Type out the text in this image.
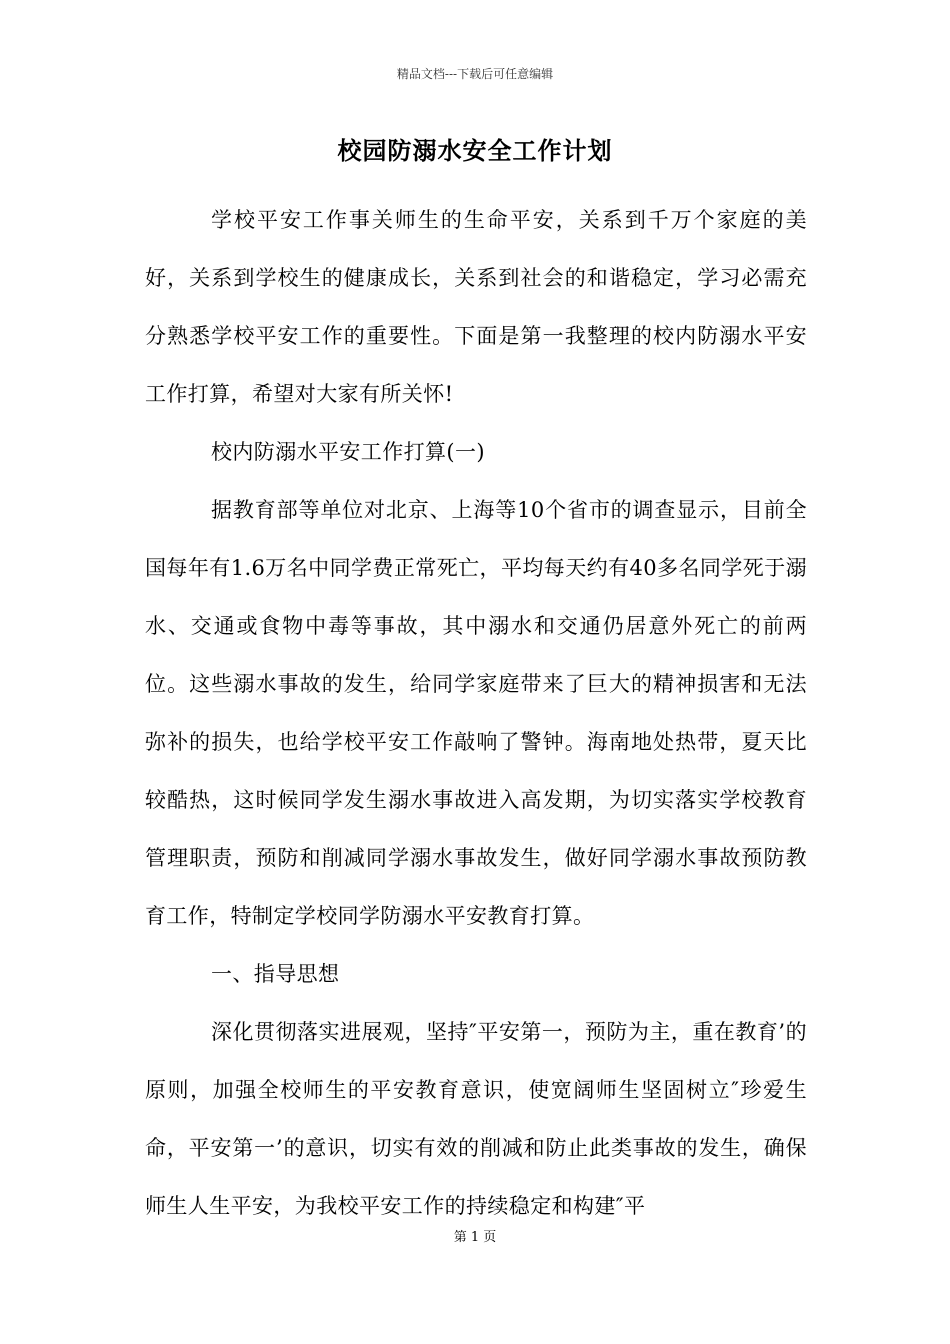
精品文档---下载后可任意编辑
校园防溺水安全工作计划

学校平安工作事关师生的生命平安，关系到千万个家庭的美好，关系到学校生的健康成长，关系到社会的和谐稳定，学习必需充分熟悉学校平安工作的重要性。下面是第一我整理的校内防溺水平安工作打算，希望对大家有所关怀!

校内防溺水平安工作打算(一)

据教育部等单位对北京、上海等10个省市的调查显示，目前全国每年有1.6万名中同学费正常死亡，平均每天约有40多名同学死于溺水、交通或食物中毒等事故，其中溺水和交通仍居意外死亡的前两位。这些溺水事故的发生，给同学家庭带来了巨大的精神损害和无法弥补的损失，也给学校平安工作敲响了警钟。海南地处热带，夏天比较酷热，这时候同学发生溺水事故进入高发期，为切实落实学校教育管理职责，预防和削减同学溺水事故发生，做好同学溺水事故预防教育工作，特制定学校同学防溺水平安教育打算。

一、指导思想

深化贯彻落实进展观，坚持″平安第一，预防为主，重在教育’的原则，加强全校师生的平安教育意识，使宽阔师生坚固树立″珍爱生命，平安第一’的意识，切实有效的削减和防止此类事故的发生，确保师生人生平安，为我校平安工作的持续稳定和构建″平

第 1 页
